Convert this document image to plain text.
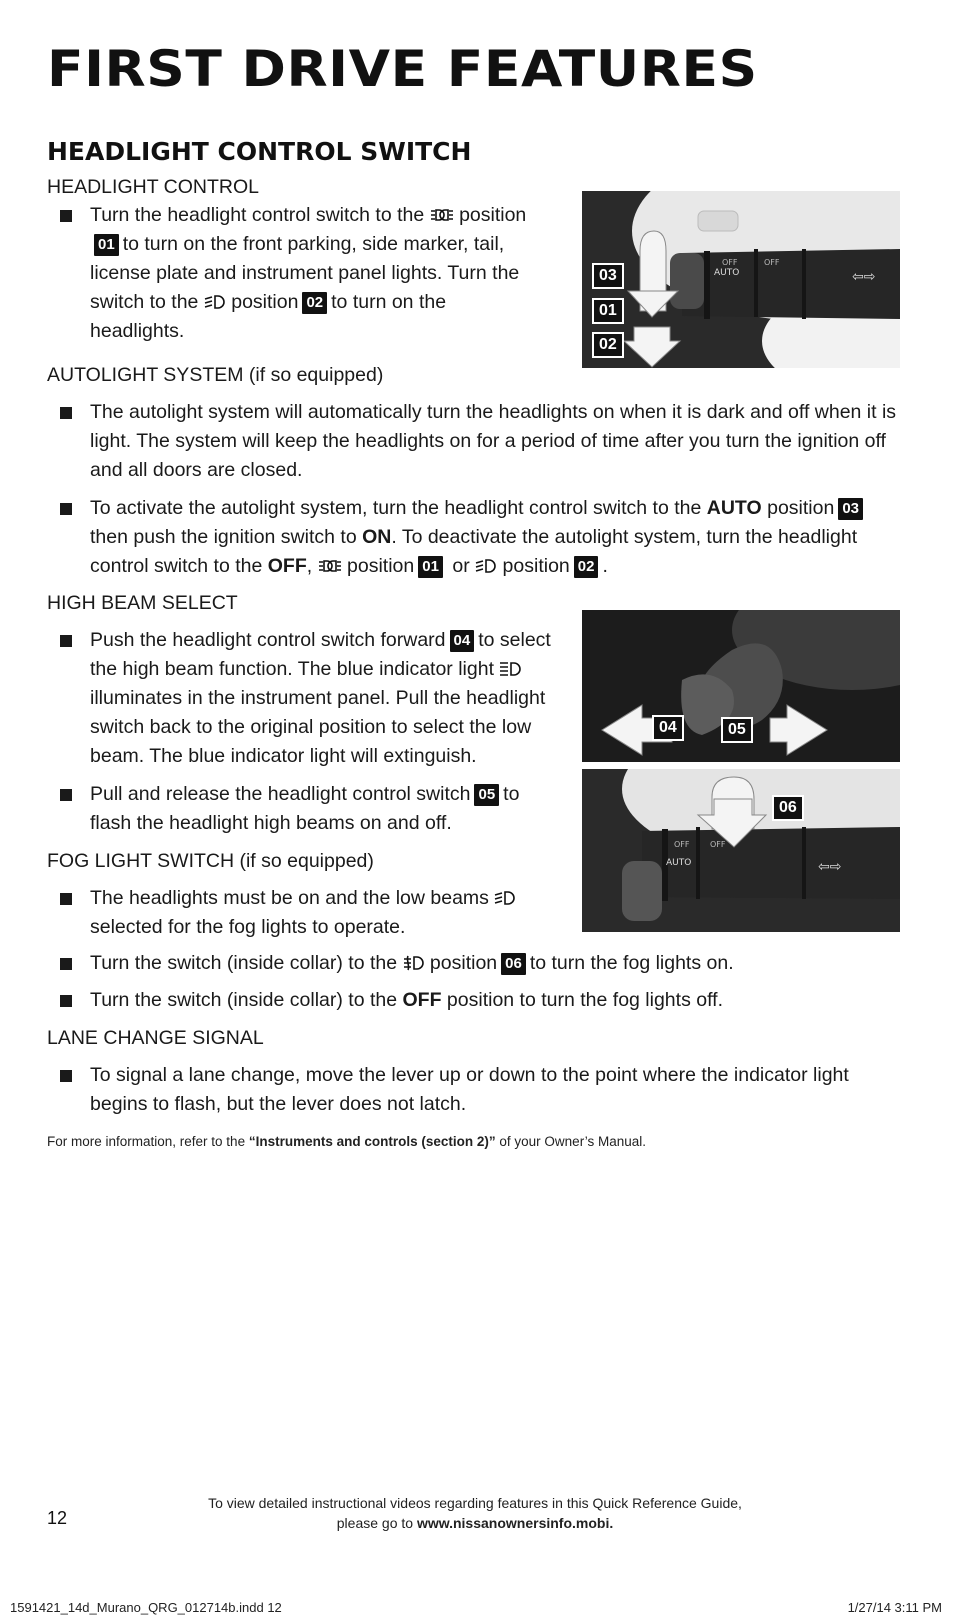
FIRST DRIVE FEATURES
HEADLIGHT CONTROL SWITCH
HEADLIGHT CONTROL
Turn the headlight control switch to the position01 to turn on the front parking, side marker, tail, license plate and instrument panel lights. Turn the switch to the position 02 to turn on the headlights.
OFF	OFF
AUTO	⇦⇨
03
01
02
AUTOLIGHT SYSTEM (if so equipped)
The autolight system will automatically turn the headlights on when it is dark and off when it is light. The system will keep the headlights on for a period of time after you turn the ignition off and all doors are closed.
To activate the autolight system, turn the headlight control switch to the AUTO position 03 then push the ignition switch to ON. To deactivate the autolight system, turn the headlight control switch to the OFF, position 01 or position 02 .
HIGH BEAM SELECT
Push the headlight control switch forward 04 to select the high beam function. The blue indicator light  illuminates in the instrument panel. Pull the headlight switch back to the original position to select the low beam. The blue indicator light will extinguish.
Pull and release the headlight control switch 05 to flash the headlight high beams on and off.
04	05
OFF	OFF
AUTO	⇦⇨
06
FOG LIGHT SWITCH (if so equipped)
The headlights must be on and the low beams  selected for the fog lights to operate.
Turn the switch (inside collar) to the position 06 to turn the fog lights on.
Turn the switch (inside collar) to the OFF position to turn the fog lights off.
LANE CHANGE SIGNAL
To signal a lane change, move the lever up or down to the point where the indicator light begins to flash, but the lever does not latch.
For more information, refer to the “Instruments and controls (section 2)” of your Owner’s Manual.
12
To view detailed instructional videos regarding features in this Quick Reference Guide,
please go to www.nissanownersinfo.mobi.
1591421_14d_Murano_QRG_012714b.indd 12	1/27/14 3:11 PM
